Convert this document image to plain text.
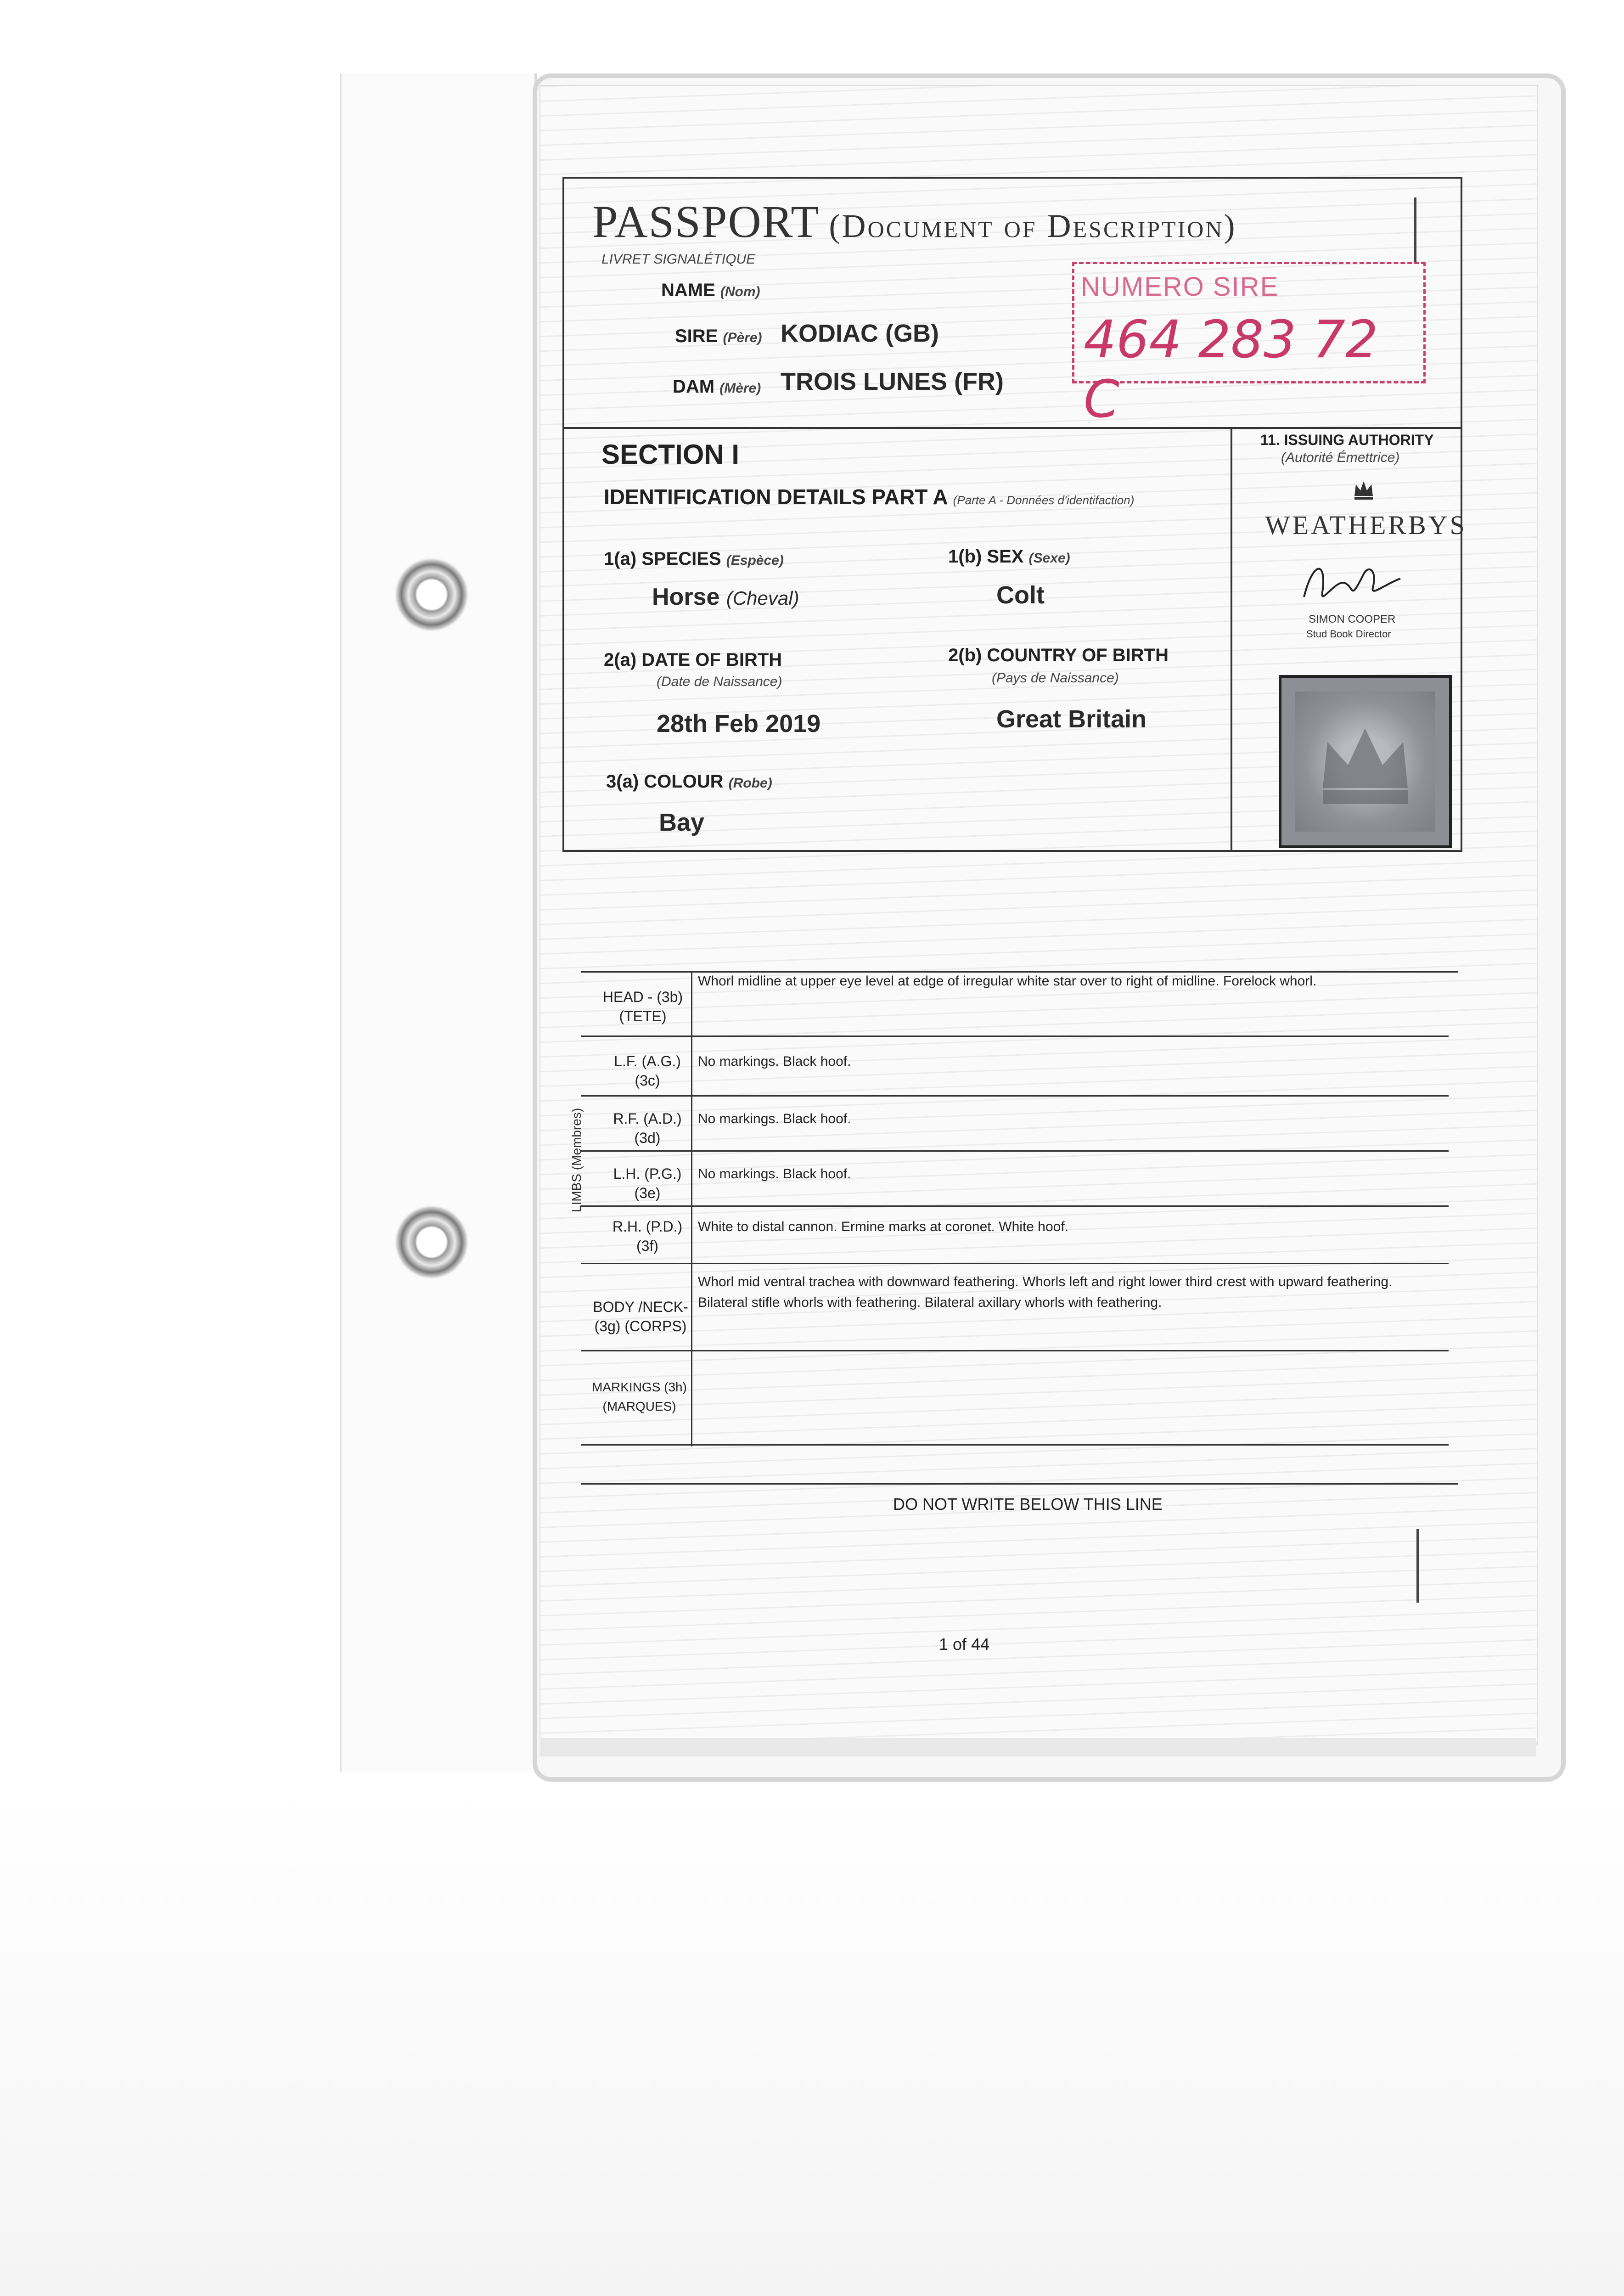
PASSPORT (Document of Description)
LIVRET SIGNALÉTIQUE
NAME (Nom)
SIRE (Père) KODIAC (GB)
DAM (Mère) TROIS LUNES (FR)
NUMERO SIRE
464 283 72 C
SECTION I
IDENTIFICATION DETAILS PART A (Parte A - Données d'identifaction)
1(a) SPECIES (Espèce)
Horse (Cheval)
1(b) SEX (Sexe)
Colt
2(a) DATE OF BIRTH
(Date de Naissance)
28th Feb 2019
2(b) COUNTRY OF BIRTH
(Pays de Naissance)
Great Britain
3(a) COLOUR (Robe)
Bay
11. ISSUING AUTHORITY
(Autorité Émettrice)
WEATHERBYS
SIMON COOPER
Stud Book Director
HEAD - (3b)
(TETE)
Whorl midline at upper eye level at edge of irregular white star over to right of midline. Forelock whorl.
L.F. (A.G.)
(3c)
No markings. Black hoof.
R.F. (A.D.)
(3d)
No markings. Black hoof.
L.H. (P.G.)
(3e)
No markings. Black hoof.
R.H. (P.D.)
(3f)
White to distal cannon. Ermine marks at coronet. White hoof.
LIMBS (Membres)
BODY /NECK-
(3g) (CORPS)
Whorl mid ventral trachea with downward feathering. Whorls left and right lower third crest with upward feathering.
Bilateral stifle whorls with feathering. Bilateral axillary whorls with feathering.
MARKINGS (3h)
(MARQUES)
DO NOT WRITE BELOW THIS LINE
1 of 44
